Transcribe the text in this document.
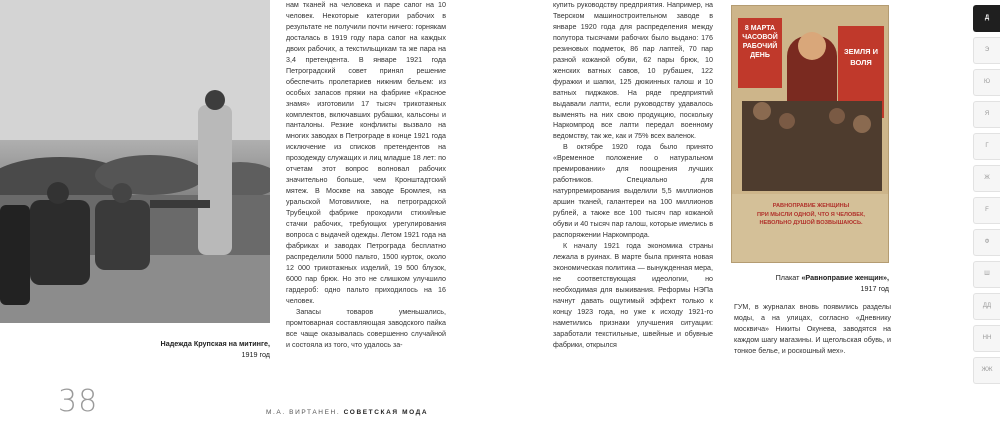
Надежда Крупская на митинге,
1919 год

нам тканей на человека и паре сапог на 10 человек. Некоторые категории рабочих в результате не получили почти ничего: горнякам досталась в 1919 году пара сапог на каждых двоих рабочих, а текстильщикам та же пара на 3,4 претендента. В январе 1921 года Петроградский совет принял решение обеспечить пролетариев нижним бельем: из особых запасов пряжи на фабрике «Красное знамя» изготовили 17 тысяч трикотажных комплектов, включавших рубашки, кальсоны и панталоны. Резкие конфликты вызвало на многих заводах в Петрограде в конце 1921 года исключение из списков претендентов на прозодежду служащих и лиц младше 18 лет: по отчетам этот вопрос волновал рабочих значительно больше, чем Кронштадтский мятеж. В Москве на заводе Бромлея, на уральской Мотовилихе, на петроградской Трубецкой фабрике проходили стихийные стачки рабочих, требующих урегулирования вопроса с выдачей одежды. Летом 1921 года на фабриках и заводах Петрограда бесплатно распределили 5000 пальто, 1500 курток, около 12 000 трикотажных изделий, 19 500 блузок, 6000 пар брюк. Но это не слишком улучшило гардероб: одно пальто приходилось на 16 человек.

Запасы товаров уменьшались, промтоварная составляющая заводского пайка все чаще оказывалась совершенно случайной и состояла из того, что удалось за-

купить руководству предприятия. Например, на Тверском машиностроительном заводе в январе 1920 года для распределения между полутора тысячами рабочих было выдано: 176 резиновых подметок, 86 пар лаптей, 70 пар разной кожаной обуви, 62 пары брюк, 10 женских ватных савов, 10 рубашек, 122 фуражки и шапки, 125 дюжинных галош и 10 ватных пиджаков. На ряде предприятий выдавали лапти, если руководству удавалось выменять на них свою продукцию, поскольку Наркомпрод все лапти передал военному ведомству, так же, как и 75% всех валенок.

В октябре 1920 года было принято «Временное положение о натуральном премировании» для поощрения лучших работников. Специально для натурпремирования выделили 5,5 миллионов аршин тканей, галантереи на 100 миллионов рублей, а также все 100 тысяч пар кожаной обуви и 40 тысяч пар галош, которые имелись в распоряжении Наркомпрода.

К началу 1921 года экономика страны лежала в руинах. В марте была принята новая экономическая политика — вынужденная мера, не соответствующая идеологии, но необходимая для выживания. Реформы НЭПа начнут давать ощутимый эффект только к концу 1923 года, но уже к исходу 1921-го наметились признаки улучшения ситуации: заработали текстильные, швейные и обувные фабрики, открылся

8 МАРТА ЧАСОВОЙ РАБОЧИЙ ДЕНЬ	ЗЕМЛЯ И ВОЛЯ
РАВНОПРАВИЕ ЖЕНЩИНЫ
ПРИ МЫСЛИ ОДНОЙ, ЧТО Я ЧЕЛОВЕК,
НЕВОЛЬНО ДУШОЙ ВОЗВЫШАЮСЬ.
Плакат «Равноправие женщин»,
1917 год

ГУМ, в журналах вновь появились разделы моды, а на улицах, согласно «Дневнику москвича» Никиты Окунева, заводятся на каждом шагу магазины. И щегольская обувь, и тонкое белье, и роскошный мех».

38	М.А. ВИРТАНЕН. СОВЕТСКАЯ МОДА
Д
Э
Ю
Я
Г
Ж
F
Ф
Ш
ДД
НН
ЖЖ
